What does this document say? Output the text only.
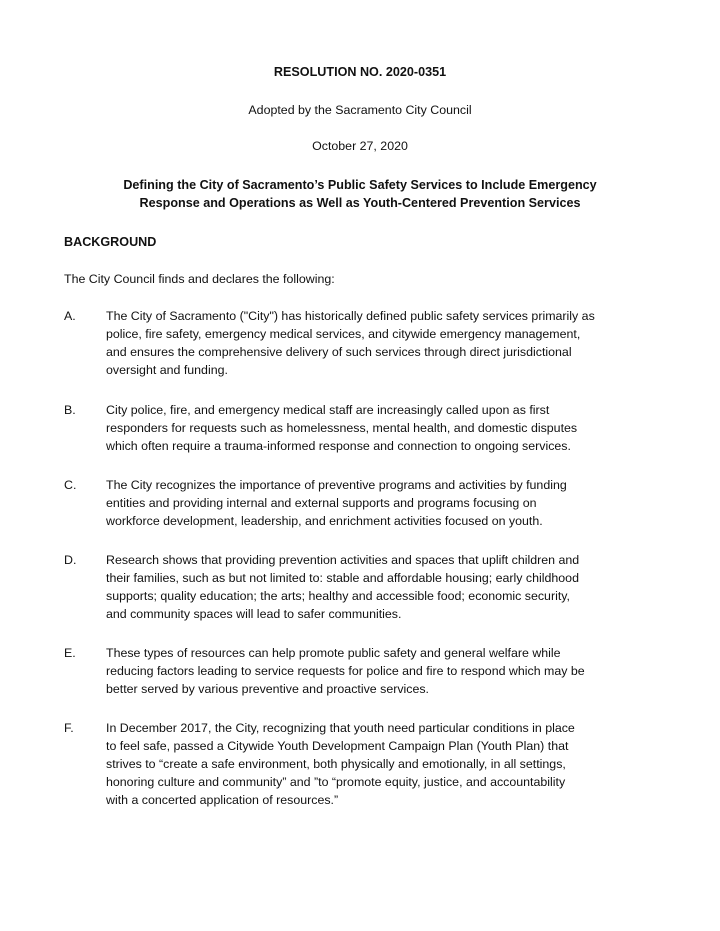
RESOLUTION NO. 2020-0351
Adopted by the Sacramento City Council
October 27, 2020
Defining the City of Sacramento’s Public Safety Services to Include Emergency
Response and Operations as Well as Youth-Centered Prevention Services
BACKGROUND
The City Council finds and declares the following:
A.	The City of Sacramento ("City") has historically defined public safety services primarily as
police, fire safety, emergency medical services, and citywide emergency management,
and ensures the comprehensive delivery of such services through direct jurisdictional
oversight and funding.
B.	City police, fire, and emergency medical staff are increasingly called upon as first
responders for requests such as homelessness, mental health, and domestic disputes
which often require a trauma-informed response and connection to ongoing services.
C.	The City recognizes the importance of preventive programs and activities by funding
entities and providing internal and external supports and programs focusing on
workforce development, leadership, and enrichment activities focused on youth.
D.	Research shows that providing prevention activities and spaces that uplift children and
their families, such as but not limited to: stable and affordable housing; early childhood
supports; quality education; the arts; healthy and accessible food; economic security,
and community spaces will lead to safer communities.
E.	These types of resources can help promote public safety and general welfare while
reducing factors leading to service requests for police and fire to respond which may be
better served by various preventive and proactive services.
F.	In December 2017, the City, recognizing that youth need particular conditions in place
to feel safe, passed a Citywide Youth Development Campaign Plan (Youth Plan) that
strives to “create a safe environment, both physically and emotionally, in all settings,
honoring culture and community” and ”to “promote equity, justice, and accountability
with a concerted application of resources.”
